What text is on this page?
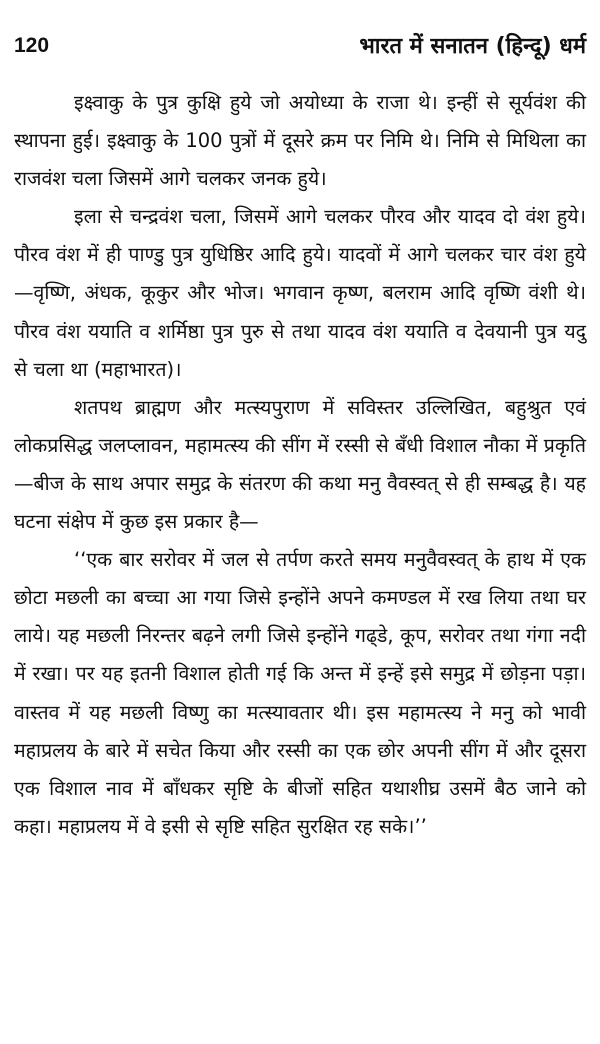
120	भारत में सनातन (हिन्दू) धर्म

इक्ष्वाकु के पुत्र कुक्षि हुये जो अयोध्या के राजा थे। इन्हीं से सूर्यवंश की स्थापना हुई। इक्ष्वाकु के 100 पुत्रों में दूसरे क्रम पर निमि थे। निमि से मिथिला का राजवंश चला जिसमें आगे चलकर जनक हुये।

इला से चन्द्रवंश चला, जिसमें आगे चलकर पौरव और यादव दो वंश हुये। पौरव वंश में ही पाण्डु पुत्र युधिष्ठिर आदि हुये। यादवों में आगे चलकर चार वंश हुये—वृष्णि, अंधक, कूकुर और भोज। भगवान कृष्ण, बलराम आदि वृष्णि वंशी थे। पौरव वंश ययाति व शर्मिष्ठा पुत्र पुरु से तथा यादव वंश ययाति व देवयानी पुत्र यदु से चला था (महाभारत)।

शतपथ ब्राह्मण और मत्स्यपुराण में सविस्तर उल्लिखित, बहुश्रुत एवं लोकप्रसिद्ध जलप्लावन, महामत्स्य की सींग में रस्सी से बँधी विशाल नौका में प्रकृति—बीज के साथ अपार समुद्र के संतरण की कथा मनु वैवस्वत् से ही सम्बद्ध है। यह घटना संक्षेप में कुछ इस प्रकार है—

‘‘एक बार सरोवर में जल से तर्पण करते समय मनुवैवस्वत् के हाथ में एक छोटा मछली का बच्चा आ गया जिसे इन्होंने अपने कमण्डल में रख लिया तथा घर लाये। यह मछली निरन्तर बढ़ने लगी जिसे इन्होंने गढ्डे, कूप, सरोवर तथा गंगा नदी में रखा। पर यह इतनी विशाल होती गई कि अन्त में इन्हें इसे समुद्र में छोड़ना पड़ा। वास्तव में यह मछली विष्णु का मत्स्यावतार थी। इस महामत्स्य ने मनु को भावी महाप्रलय के बारे में सचेत किया और रस्सी का एक छोर अपनी सींग में और दूसरा एक विशाल नाव में बाँधकर सृष्टि के बीजों सहित यथाशीघ्र उसमें बैठ जाने को कहा। महाप्रलय में वे इसी से सृष्टि सहित सुरक्षित रह सके।’’
